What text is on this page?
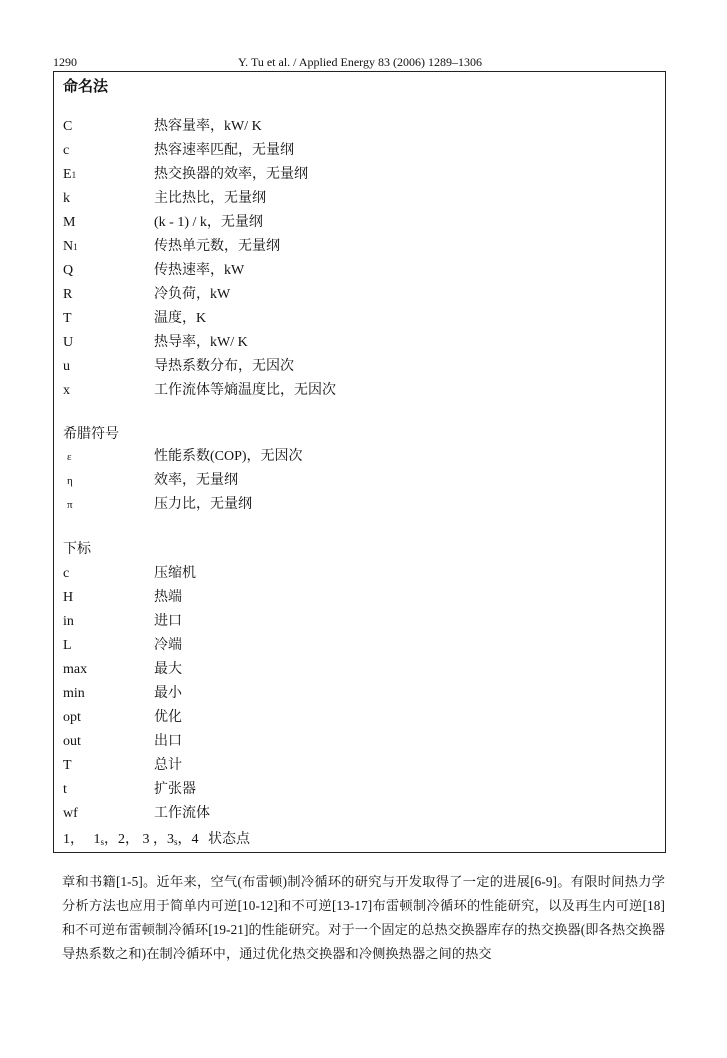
1290	Y. Tu et al. / Applied Energy 83 (2006) 1289–1306
命名法
C	热容量率，kW/ K
c	热容速率匹配，无量纲
E1	热交换器的效率，无量纲
k	主比热比，无量纲
M	(k - 1) / k，无量纲
N1	传热单元数，无量纲
Q	传热速率，kW
R	冷负荷，kW
T	温度，K
U	热导率，kW/ K
u	导热系数分布，无因次
x	工作流体等熵温度比，无因次
希腊符号
ε	性能系数(COP)，无因次
η	效率，无量纲
π	压力比，无量纲
下标
c	压缩机
H	热端
in	进口
L	冷端
max	最大
min	最小
opt	优化
out	出口
T	总计
t	扩张器
wf	工作流体
1， $1_s$，2， 3 ，$3_s$，4 状态点

章和书籍[1-5]。近年来，空气(布雷顿)制冷循环的研究与开发取得了一定的进展[6-9]。有限时间热力学分析方法也应用于简单内可逆[10-12]和不可逆[13-17]布雷顿制冷循环的性能研究，以及再生内可逆[18]和不可逆布雷顿制冷循环[19-21]的性能研究。对于一个固定的总热交换器库存的热交换器(即各热交换器导热系数之和)在制冷循环中，通过优化热交换器和冷侧换热器之间的热交
